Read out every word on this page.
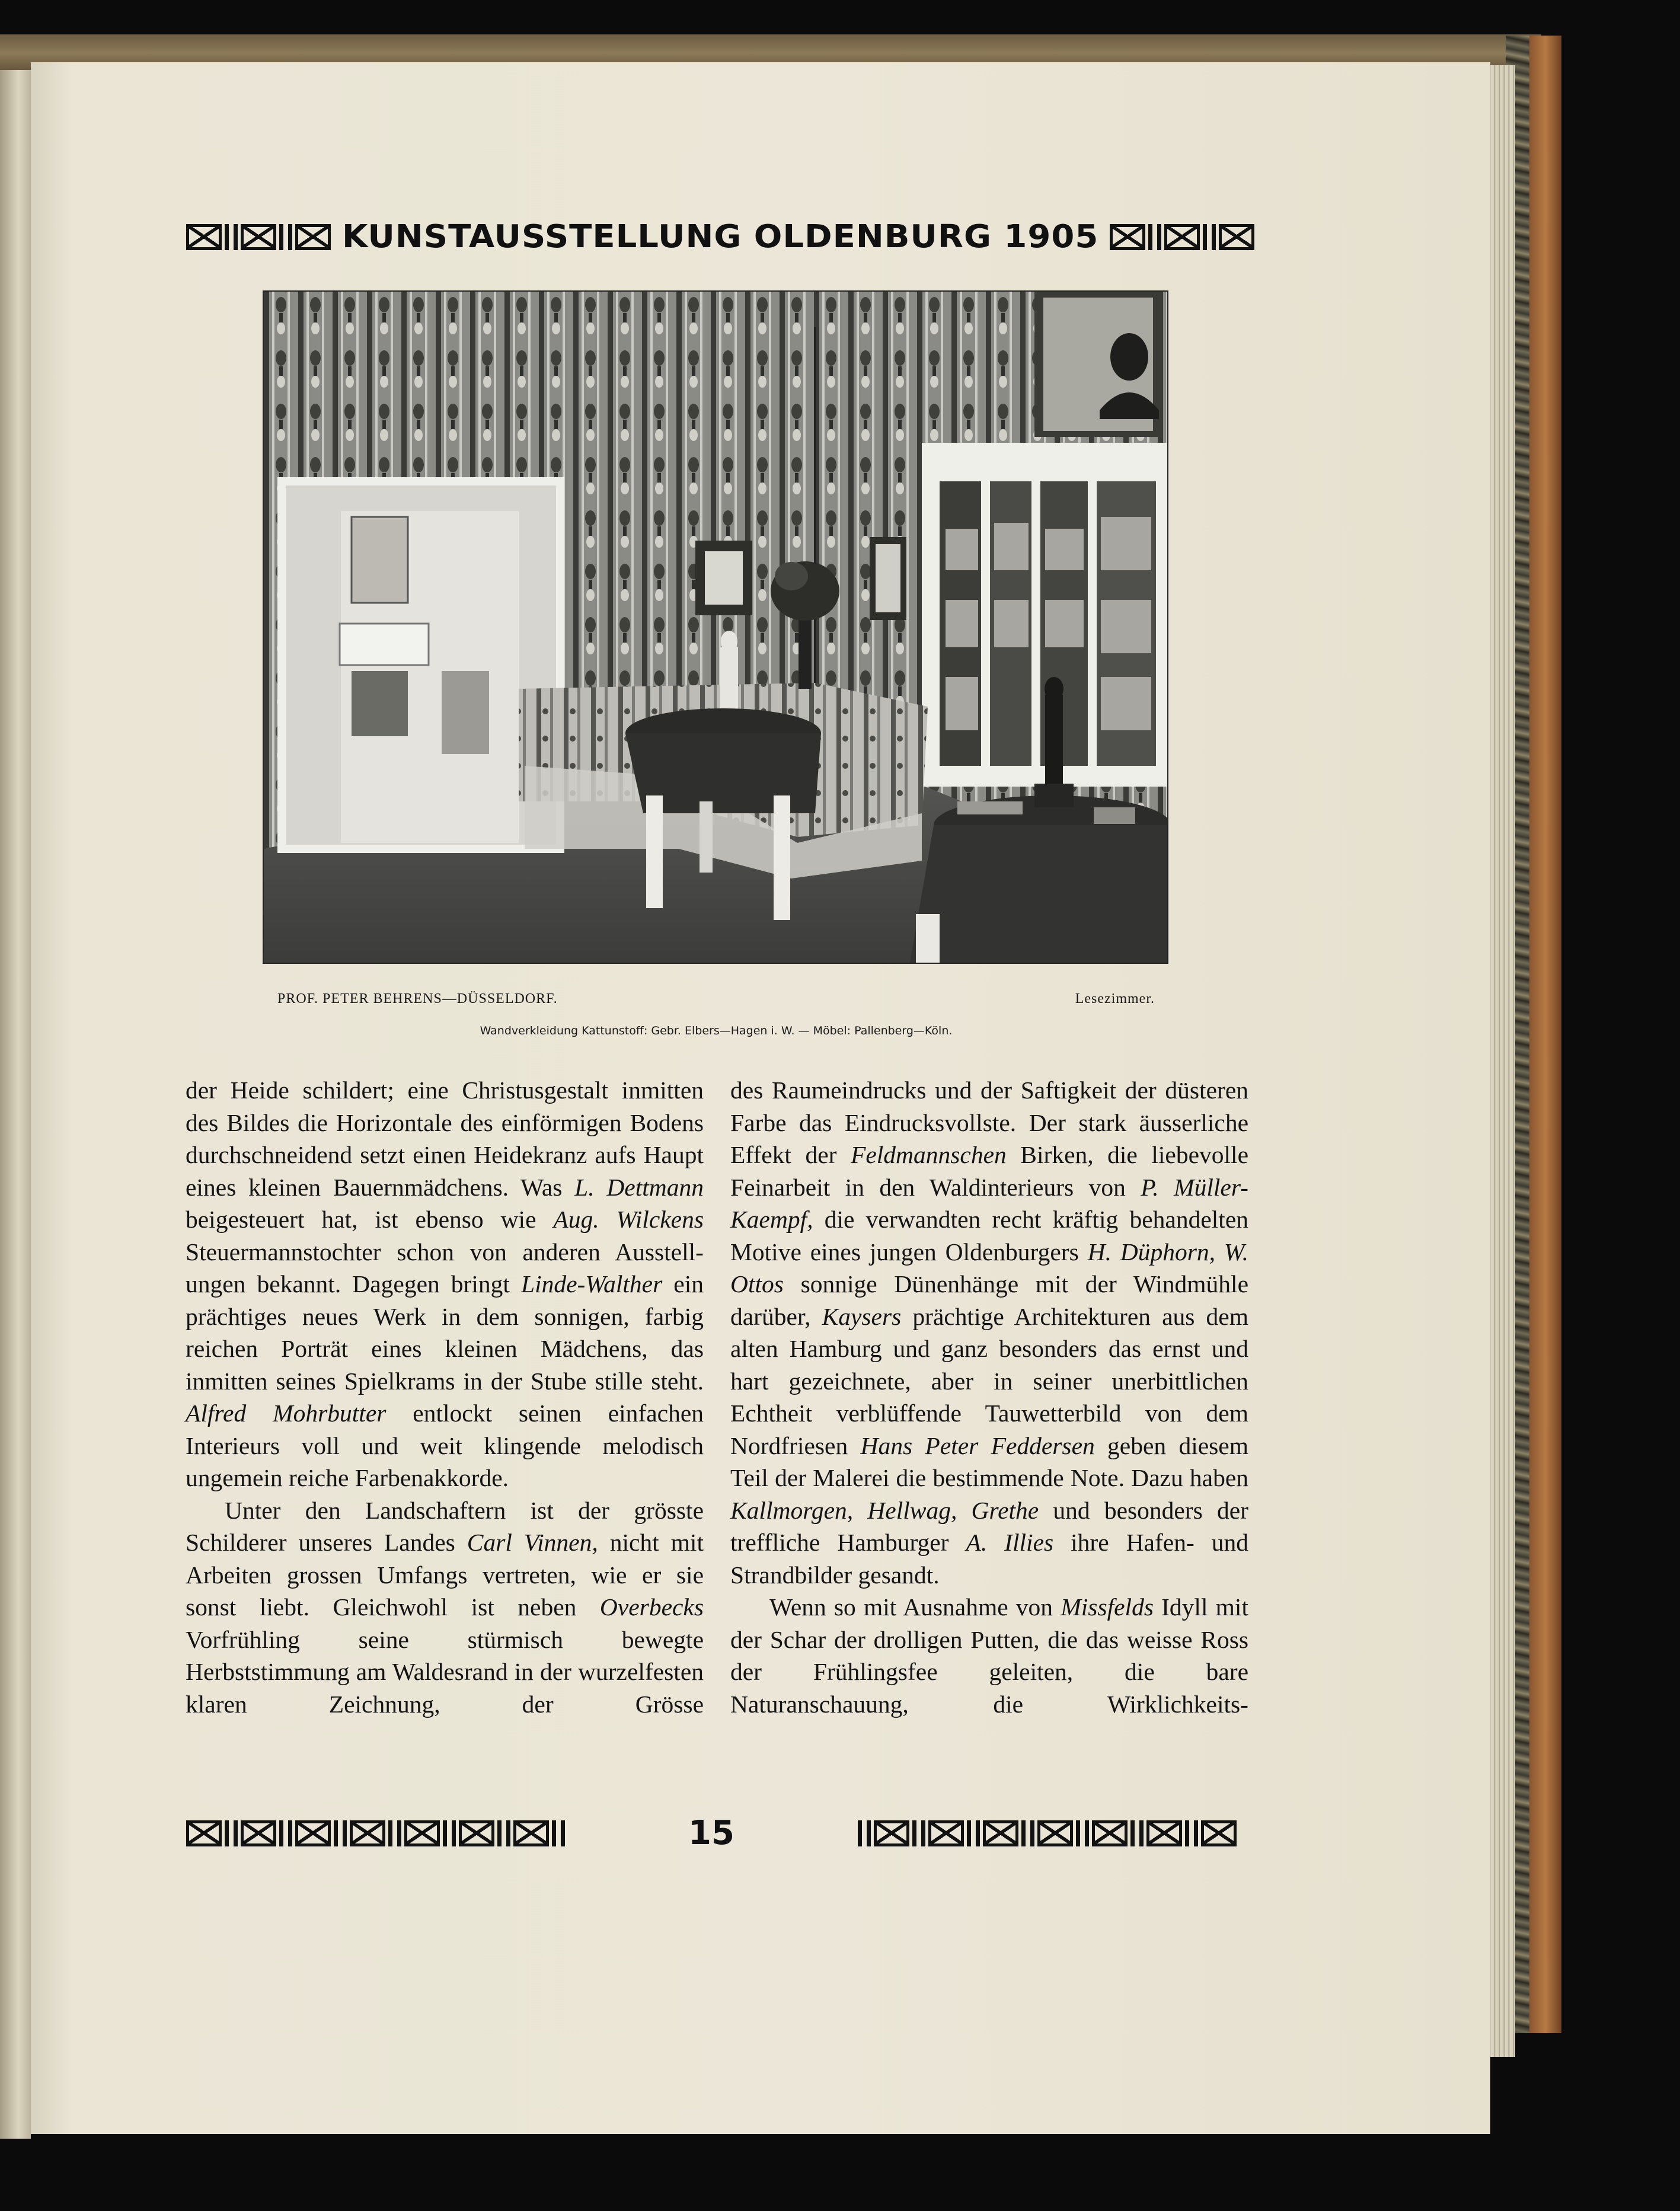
KUNSTAUSSTELLUNG OLDENBURG 1905
PROF. PETER BEHRENS—DÜSSELDORF.	Lesezimmer.
Wandverkleidung Kattunstoff: Gebr. Elbers—Hagen i. W. — Möbel: Pallenberg—Köln.

der Heide schildert; eine Christusgestalt inmitten des Bildes die Horizontale des einförmigen Bodens durchschneidend setzt einen Heidekranz aufs Haupt eines kleinen Bauernmädchens. Was L. Dettmann beigesteuert hat, ist ebenso wie Aug. Wilckens Steuermannstochter schon von anderen Ausstellungen bekannt. Dagegen bringt Linde-Walther ein prächtiges neues Werk in dem sonnigen, farbig reichen Porträt eines kleinen Mädchens, das inmitten seines Spielkrams in der Stube stille steht. Alfred Mohrbutter entlockt seinen einfachen Interieurs voll und weit klingende melodisch ungemein reiche Farbenakkorde.

Unter den Landschaftern ist der grösste Schilderer unseres Landes Carl Vinnen, nicht mit Arbeiten grossen Umfangs vertreten, wie er sie sonst liebt. Gleichwohl ist neben Overbecks Vorfrühling seine stürmisch bewegte Herbststimmung am Waldesrand in der wurzelfesten klaren Zeichnung, der Grösse

des Raumeindrucks und der Saftigkeit der düsteren Farbe das Eindrucksvollste. Der stark äusserliche Effekt der Feldmannschen Birken, die liebevolle Feinarbeit in den Waldinterieurs von P. Müller-Kaempf, die verwandten recht kräftig behandelten Motive eines jungen Oldenburgers H. Düphorn, W. Ottos sonnige Dünenhänge mit der Windmühle darüber, Kaysers prächtige Architekturen aus dem alten Hamburg und ganz besonders das ernst und hart gezeichnete, aber in seiner unerbittlichen Echtheit verblüffende Tauwetterbild von dem Nordfriesen Hans Peter Feddersen geben diesem Teil der Malerei die bestimmende Note. Dazu haben Kallmorgen, Hellwag, Grethe und besonders der treffliche Hamburger A. Illies ihre Hafen- und Strandbilder gesandt.

Wenn so mit Ausnahme von Missfelds Idyll mit der Schar der drolligen Putten, die das weisse Ross der Frühlingsfee geleiten, die bare Naturanschauung, die Wirklichkeits-

15
